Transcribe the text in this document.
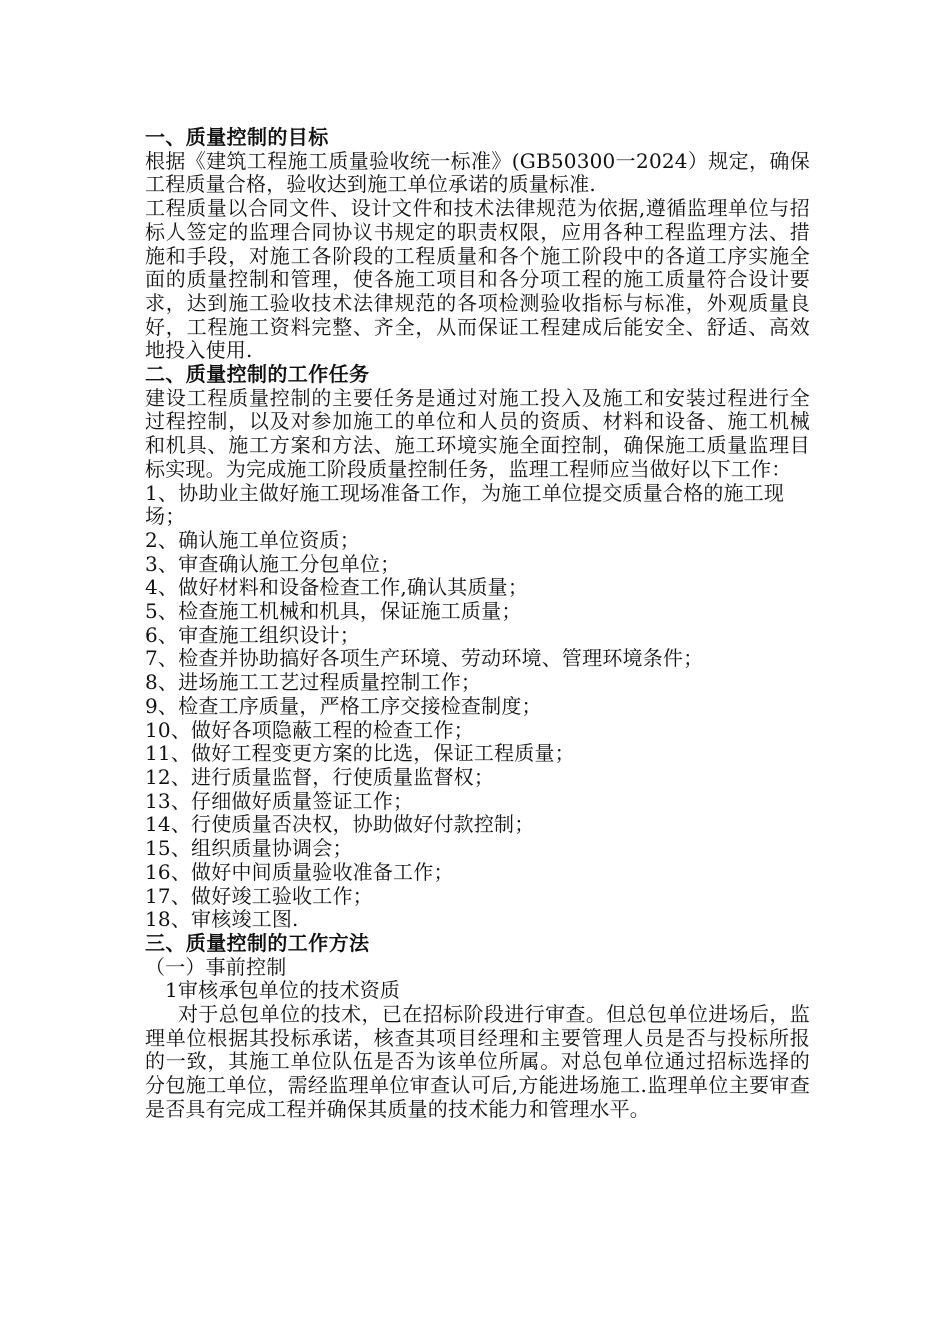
一、质量控制的目标

根据《建筑工程施工质量验收统一标准》(GB50300一2024）规定，确保工程质量合格，验收达到施工单位承诺的质量标准.

工程质量以合同文件、设计文件和技术法律规范为依据,遵循监理单位与招标人签定的监理合同协议书规定的职责权限，应用各种工程监理方法、措施和手段，对施工各阶段的工程质量和各个施工阶段中的各道工序实施全面的质量控制和管理，使各施工项目和各分项工程的施工质量符合设计要求，达到施工验收技术法律规范的各项检测验收指标与标准，外观质量良好，工程施工资料完整、齐全，从而保证工程建成后能安全、舒适、高效地投入使用.

二、质量控制的工作任务

建设工程质量控制的主要任务是通过对施工投入及施工和安装过程进行全过程控制，以及对参加施工的单位和人员的资质、材料和设备、施工机械和机具、施工方案和方法、施工环境实施全面控制，确保施工质量监理目标实现。为完成施工阶段质量控制任务，监理工程师应当做好以下工作：

1、协助业主做好施工现场准备工作，为施工单位提交质量合格的施工现场；

2、确认施工单位资质；

3、审查确认施工分包单位；

4、做好材料和设备检查工作,确认其质量；

5、检查施工机械和机具，保证施工质量；

6、审查施工组织设计；

7、检查并协助搞好各项生产环境、劳动环境、管理环境条件；

8、进场施工工艺过程质量控制工作；

9、检查工序质量，严格工序交接检查制度；

10、做好各项隐蔽工程的检查工作；

11、做好工程变更方案的比选，保证工程质量；

12、进行质量监督，行使质量监督权；

13、仔细做好质量签证工作；

14、行使质量否决权，协助做好付款控制；

15、组织质量协调会；

16、做好中间质量验收准备工作；

17、做好竣工验收工作；

18、审核竣工图.

三、质量控制的工作方法

（一）事前控制

1审核承包单位的技术资质

对于总包单位的技术，已在招标阶段进行审查。但总包单位进场后，监理单位根据其投标承诺，核查其项目经理和主要管理人员是否与投标所报的一致，其施工单位队伍是否为该单位所属。对总包单位通过招标选择的分包施工单位，需经监理单位审查认可后,方能进场施工.监理单位主要审查是否具有完成工程并确保其质量的技术能力和管理水平。
